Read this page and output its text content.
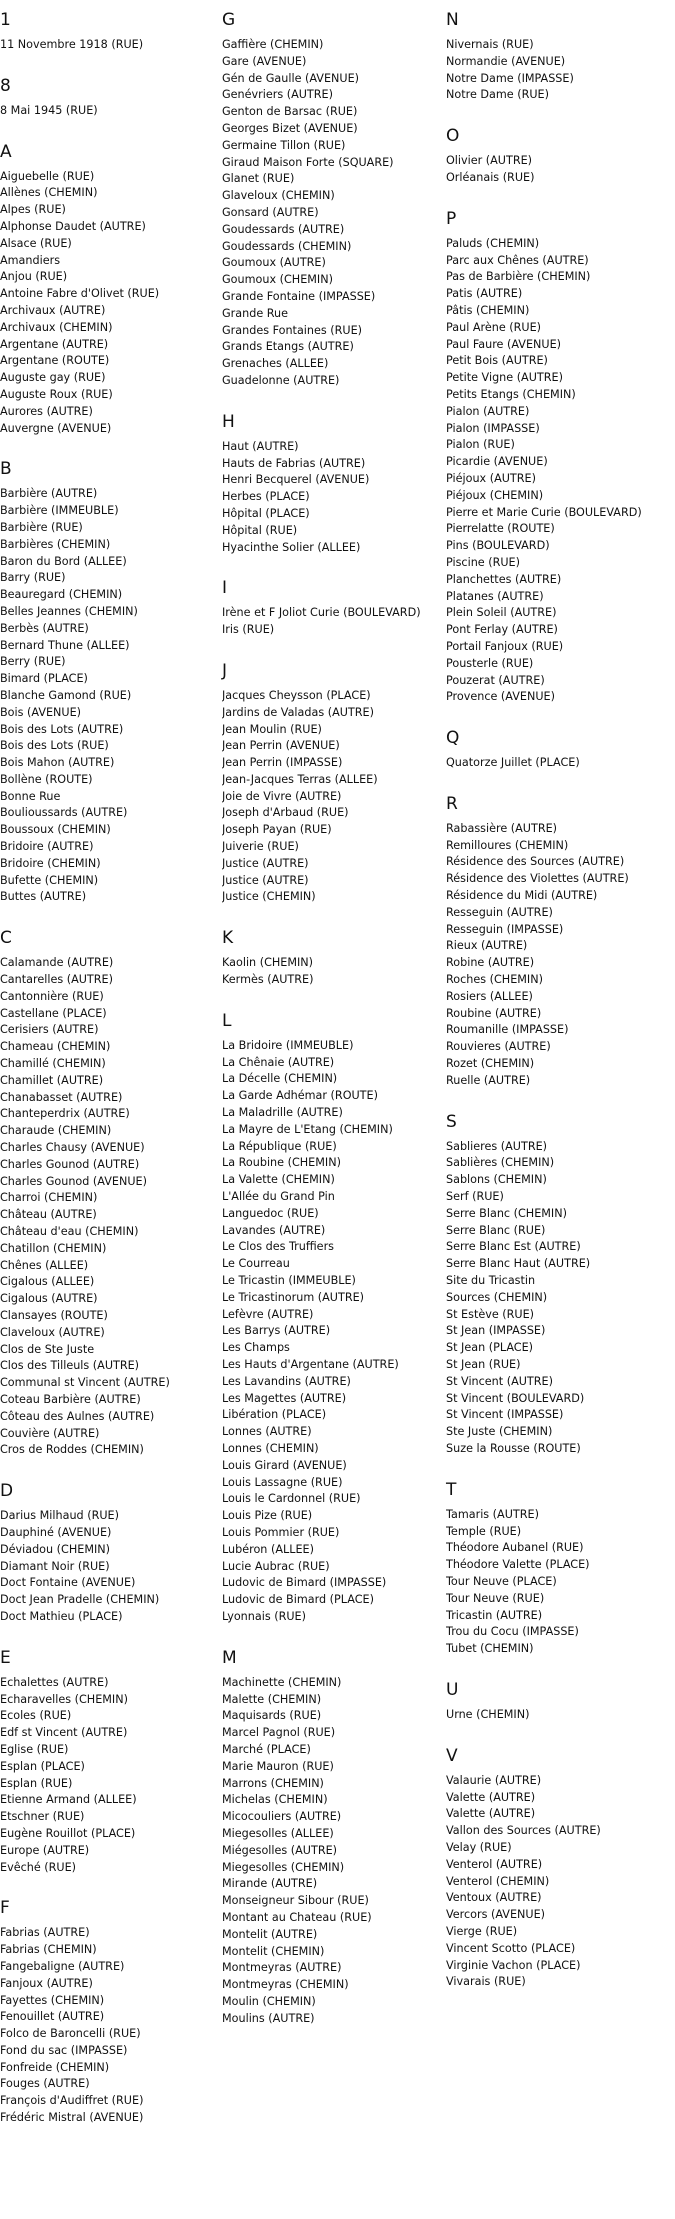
1
11 Novembre 1918 (RUE)
8
8 Mai 1945 (RUE)
A
Aiguebelle (RUE)
Allènes (CHEMIN)
Alpes (RUE)
Alphonse Daudet (AUTRE)
Alsace (RUE)
Amandiers
Anjou (RUE)
Antoine Fabre d'Olivet (RUE)
Archivaux (AUTRE)
Archivaux (CHEMIN)
Argentane (AUTRE)
Argentane (ROUTE)
Auguste gay (RUE)
Auguste Roux (RUE)
Aurores (AUTRE)
Auvergne (AVENUE)
B
Barbière (AUTRE)
Barbière (IMMEUBLE)
Barbière (RUE)
Barbières (CHEMIN)
Baron du Bord (ALLEE)
Barry (RUE)
Beauregard (CHEMIN)
Belles Jeannes (CHEMIN)
Berbès (AUTRE)
Bernard Thune (ALLEE)
Berry (RUE)
Bimard (PLACE)
Blanche Gamond (RUE)
Bois (AVENUE)
Bois des Lots (AUTRE)
Bois des Lots (RUE)
Bois Mahon (AUTRE)
Bollène (ROUTE)
Bonne Rue
Boulioussards (AUTRE)
Boussoux (CHEMIN)
Bridoire (AUTRE)
Bridoire (CHEMIN)
Bufette (CHEMIN)
Buttes (AUTRE)
C
Calamande (AUTRE)
Cantarelles (AUTRE)
Cantonnière (RUE)
Castellane (PLACE)
Cerisiers (AUTRE)
Chameau (CHEMIN)
Chamillé (CHEMIN)
Chamillet (AUTRE)
Chanabasset (AUTRE)
Chanteperdrix (AUTRE)
Charaude (CHEMIN)
Charles Chausy (AVENUE)
Charles Gounod (AUTRE)
Charles Gounod (AVENUE)
Charroi (CHEMIN)
Château (AUTRE)
Château d'eau (CHEMIN)
Chatillon (CHEMIN)
Chênes (ALLEE)
Cigalous (ALLEE)
Cigalous (AUTRE)
Clansayes (ROUTE)
Claveloux (AUTRE)
Clos de Ste Juste
Clos des Tilleuls (AUTRE)
Communal st Vincent (AUTRE)
Coteau Barbière (AUTRE)
Côteau des Aulnes (AUTRE)
Couvière (AUTRE)
Cros de Roddes (CHEMIN)
D
Darius Milhaud (RUE)
Dauphiné (AVENUE)
Déviadou (CHEMIN)
Diamant Noir (RUE)
Doct Fontaine (AVENUE)
Doct Jean Pradelle (CHEMIN)
Doct Mathieu (PLACE)
E
Echalettes (AUTRE)
Echaravelles (CHEMIN)
Ecoles (RUE)
Edf st Vincent (AUTRE)
Eglise (RUE)
Esplan (PLACE)
Esplan (RUE)
Etienne Armand (ALLEE)
Etschner (RUE)
Eugène Rouillot (PLACE)
Europe (AUTRE)
Evêché (RUE)
F
Fabrias (AUTRE)
Fabrias (CHEMIN)
Fangebaligne (AUTRE)
Fanjoux (AUTRE)
Fayettes (CHEMIN)
Fenouillet (AUTRE)
Folco de Baroncelli (RUE)
Fond du sac (IMPASSE)
Fonfreide (CHEMIN)
Fouges (AUTRE)
François d'Audiffret (RUE)
Frédéric Mistral (AVENUE)
G
Gaffière (CHEMIN)
Gare (AVENUE)
Gén de Gaulle (AVENUE)
Genévriers (AUTRE)
Genton de Barsac (RUE)
Georges Bizet (AVENUE)
Germaine Tillon (RUE)
Giraud Maison Forte (SQUARE)
Glanet (RUE)
Glaveloux (CHEMIN)
Gonsard (AUTRE)
Goudessards (AUTRE)
Goudessards (CHEMIN)
Goumoux (AUTRE)
Goumoux (CHEMIN)
Grande Fontaine (IMPASSE)
Grande Rue
Grandes Fontaines (RUE)
Grands Etangs (AUTRE)
Grenaches (ALLEE)
Guadelonne (AUTRE)
H
Haut (AUTRE)
Hauts de Fabrias (AUTRE)
Henri Becquerel (AVENUE)
Herbes (PLACE)
Hôpital (PLACE)
Hôpital (RUE)
Hyacinthe Solier (ALLEE)
I
Irène et F Joliot Curie (BOULEVARD)
Iris (RUE)
J
Jacques Cheysson (PLACE)
Jardins de Valadas (AUTRE)
Jean Moulin (RUE)
Jean Perrin (AVENUE)
Jean Perrin (IMPASSE)
Jean-Jacques Terras (ALLEE)
Joie de Vivre (AUTRE)
Joseph d'Arbaud (RUE)
Joseph Payan (RUE)
Juiverie (RUE)
Justice (AUTRE)
Justice (AUTRE)
Justice (CHEMIN)
K
Kaolin (CHEMIN)
Kermès (AUTRE)
L
La Bridoire (IMMEUBLE)
La Chênaie (AUTRE)
La Décelle (CHEMIN)
La Garde Adhémar (ROUTE)
La Maladrille (AUTRE)
La Mayre de L'Etang (CHEMIN)
La République (RUE)
La Roubine (CHEMIN)
La Valette (CHEMIN)
L'Allée du Grand Pin
Languedoc (RUE)
Lavandes (AUTRE)
Le Clos des Truffiers
Le Courreau
Le Tricastin (IMMEUBLE)
Le Tricastinorum (AUTRE)
Lefèvre (AUTRE)
Les Barrys (AUTRE)
Les Champs
Les Hauts d'Argentane (AUTRE)
Les Lavandins (AUTRE)
Les Magettes (AUTRE)
Libération (PLACE)
Lonnes (AUTRE)
Lonnes (CHEMIN)
Louis Girard (AVENUE)
Louis Lassagne (RUE)
Louis le Cardonnel (RUE)
Louis Pize (RUE)
Louis Pommier (RUE)
Lubéron (ALLEE)
Lucie Aubrac (RUE)
Ludovic de Bimard (IMPASSE)
Ludovic de Bimard (PLACE)
Lyonnais (RUE)
M
Machinette (CHEMIN)
Malette (CHEMIN)
Maquisards (RUE)
Marcel Pagnol (RUE)
Marché (PLACE)
Marie Mauron (RUE)
Marrons (CHEMIN)
Michelas (CHEMIN)
Micocouliers (AUTRE)
Miegesolles (ALLEE)
Miégesolles (AUTRE)
Miegesolles (CHEMIN)
Mirande (AUTRE)
Monseigneur Sibour (RUE)
Montant au Chateau (RUE)
Montelit (AUTRE)
Montelit (CHEMIN)
Montmeyras (AUTRE)
Montmeyras (CHEMIN)
Moulin (CHEMIN)
Moulins (AUTRE)
N
Nivernais (RUE)
Normandie (AVENUE)
Notre Dame (IMPASSE)
Notre Dame (RUE)
O
Olivier (AUTRE)
Orléanais (RUE)
P
Paluds (CHEMIN)
Parc aux Chênes (AUTRE)
Pas de Barbière (CHEMIN)
Patis (AUTRE)
Pâtis (CHEMIN)
Paul Arène (RUE)
Paul Faure (AVENUE)
Petit Bois (AUTRE)
Petite Vigne (AUTRE)
Petits Etangs (CHEMIN)
Pialon (AUTRE)
Pialon (IMPASSE)
Pialon (RUE)
Picardie (AVENUE)
Piéjoux (AUTRE)
Piéjoux (CHEMIN)
Pierre et Marie Curie (BOULEVARD)
Pierrelatte (ROUTE)
Pins (BOULEVARD)
Piscine (RUE)
Planchettes (AUTRE)
Platanes (AUTRE)
Plein Soleil (AUTRE)
Pont Ferlay (AUTRE)
Portail Fanjoux (RUE)
Pousterle (RUE)
Pouzerat (AUTRE)
Provence (AVENUE)
Q
Quatorze Juillet (PLACE)
R
Rabassière (AUTRE)
Remilloures (CHEMIN)
Résidence des Sources (AUTRE)
Résidence des Violettes (AUTRE)
Résidence du Midi (AUTRE)
Resseguin (AUTRE)
Resseguin (IMPASSE)
Rieux (AUTRE)
Robine (AUTRE)
Roches (CHEMIN)
Rosiers (ALLEE)
Roubine (AUTRE)
Roumanille (IMPASSE)
Rouvieres (AUTRE)
Rozet (CHEMIN)
Ruelle (AUTRE)
S
Sablieres (AUTRE)
Sablières (CHEMIN)
Sablons (CHEMIN)
Serf (RUE)
Serre Blanc (CHEMIN)
Serre Blanc (RUE)
Serre Blanc Est (AUTRE)
Serre Blanc Haut (AUTRE)
Site du Tricastin
Sources (CHEMIN)
St Estève (RUE)
St Jean (IMPASSE)
St Jean (PLACE)
St Jean (RUE)
St Vincent (AUTRE)
St Vincent (BOULEVARD)
St Vincent (IMPASSE)
Ste Juste (CHEMIN)
Suze la Rousse (ROUTE)
T
Tamaris (AUTRE)
Temple (RUE)
Théodore Aubanel (RUE)
Théodore Valette (PLACE)
Tour Neuve (PLACE)
Tour Neuve (RUE)
Tricastin (AUTRE)
Trou du Cocu (IMPASSE)
Tubet (CHEMIN)
U
Urne (CHEMIN)
V
Valaurie (AUTRE)
Valette (AUTRE)
Valette (AUTRE)
Vallon des Sources (AUTRE)
Velay (RUE)
Venterol (AUTRE)
Venterol (CHEMIN)
Ventoux (AUTRE)
Vercors (AVENUE)
Vierge (RUE)
Vincent Scotto (PLACE)
Virginie Vachon (PLACE)
Vivarais (RUE)
